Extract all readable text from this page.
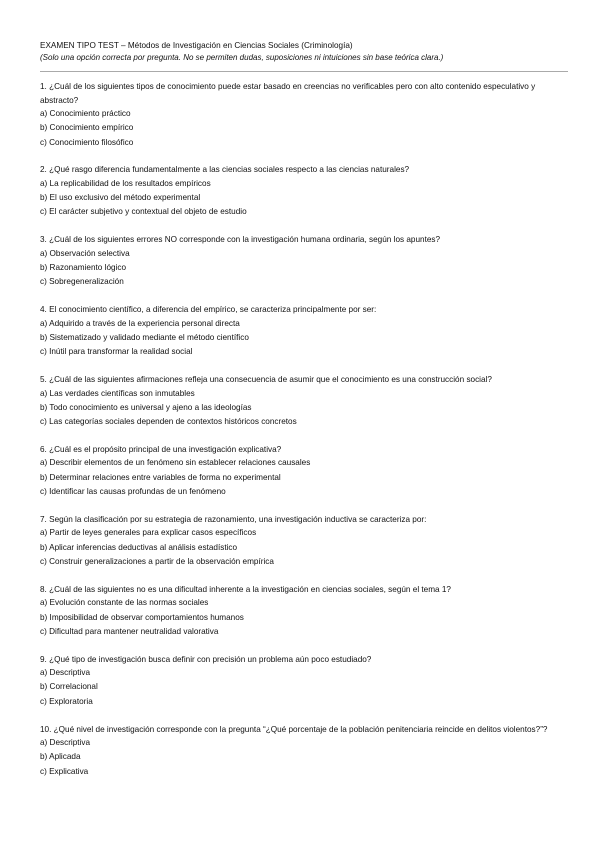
EXAMEN TIPO TEST – Métodos de Investigación en Ciencias Sociales (Criminología)
(Solo una opción correcta por pregunta. No se permiten dudas, suposiciones ni intuiciones sin base teórica clara.)
1. ¿Cuál de los siguientes tipos de conocimiento puede estar basado en creencias no verificables pero con alto contenido especulativo y abstracto?
a) Conocimiento práctico
b) Conocimiento empírico
c) Conocimiento filosófico
2. ¿Qué rasgo diferencia fundamentalmente a las ciencias sociales respecto a las ciencias naturales?
a) La replicabilidad de los resultados empíricos
b) El uso exclusivo del método experimental
c) El carácter subjetivo y contextual del objeto de estudio
3. ¿Cuál de los siguientes errores NO corresponde con la investigación humana ordinaria, según los apuntes?
a) Observación selectiva
b) Razonamiento lógico
c) Sobregeneralización
4. El conocimiento científico, a diferencia del empírico, se caracteriza principalmente por ser:
a) Adquirido a través de la experiencia personal directa
b) Sistematizado y validado mediante el método científico
c) Inútil para transformar la realidad social
5. ¿Cuál de las siguientes afirmaciones refleja una consecuencia de asumir que el conocimiento es una construcción social?
a) Las verdades científicas son inmutables
b) Todo conocimiento es universal y ajeno a las ideologías
c) Las categorías sociales dependen de contextos históricos concretos
6. ¿Cuál es el propósito principal de una investigación explicativa?
a) Describir elementos de un fenómeno sin establecer relaciones causales
b) Determinar relaciones entre variables de forma no experimental
c) Identificar las causas profundas de un fenómeno
7. Según la clasificación por su estrategia de razonamiento, una investigación inductiva se caracteriza por:
a) Partir de leyes generales para explicar casos específicos
b) Aplicar inferencias deductivas al análisis estadístico
c) Construir generalizaciones a partir de la observación empírica
8. ¿Cuál de las siguientes no es una dificultad inherente a la investigación en ciencias sociales, según el tema 1?
a) Evolución constante de las normas sociales
b) Imposibilidad de observar comportamientos humanos
c) Dificultad para mantener neutralidad valorativa
9. ¿Qué tipo de investigación busca definir con precisión un problema aún poco estudiado?
a) Descriptiva
b) Correlacional
c) Exploratoria
10. ¿Qué nivel de investigación corresponde con la pregunta “¿Qué porcentaje de la población penitenciaria reincide en delitos violentos?”?
a) Descriptiva
b) Aplicada
c) Explicativa
